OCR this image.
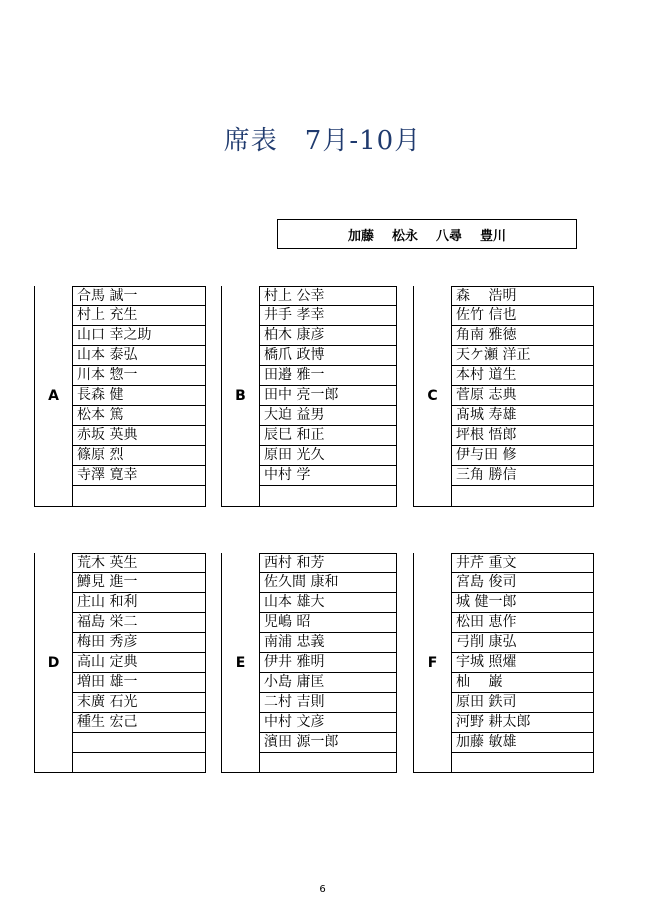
席表　7月-10月
加藤 松永 八尋 豊川
A
合馬 誠一
村上 充生
山口 幸之助
山本 泰弘
川本 惣一
長森 健
松本 篤
赤坂 英典
篠原 烈
寺澤 寛幸
B
村上 公幸
井手 孝幸
柏木 康彦
橋爪 政博
田邉 雅一
田中 亮一郎
大迫 益男
辰巳 和正
原田 光久
中村 学
C
森　 浩明
佐竹 信也
角南 雅徳
天ケ瀬 洋正
本村 道生
菅原 志典
髙城 寿雄
坪根 悟郎
伊与田 修
三角 勝信
D
荒木 英生
鱒見 進一
庄山 和利
福島 栄二
梅田 秀彦
高山 定典
増田 雄一
末廣 石光
種生 宏己
E
西村 和芳
佐久間 康和
山本 雄大
児嶋 昭
南浦 忠義
伊井 雅明
小島 庸匡
二村 吉則
中村 文彦
濱田 源一郎
F
井芹 重文
宮島 俊司
城 健一郎
松田 恵作
弓削 康弘
宇城 照燿
杣　 巌
原田 鉄司
河野 耕太郎
加藤 敏雄
6
